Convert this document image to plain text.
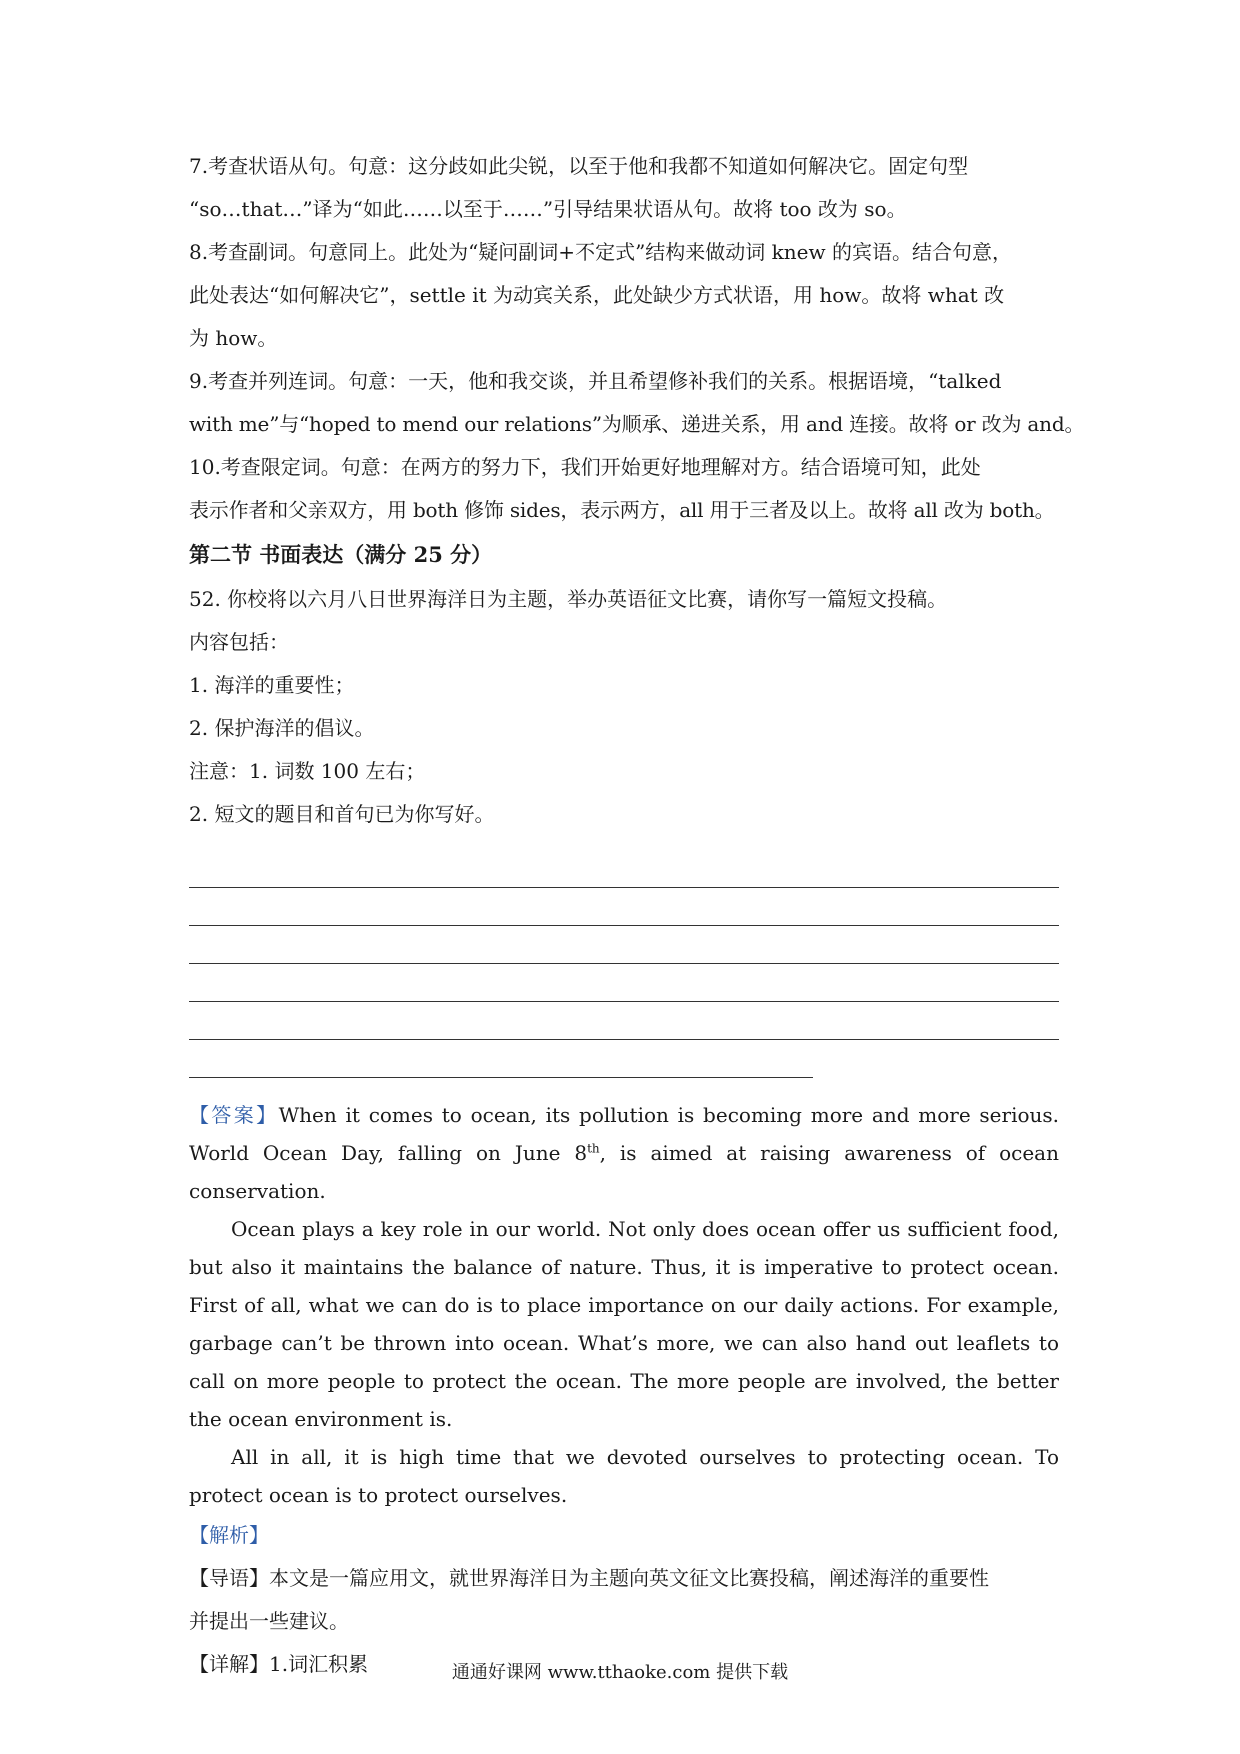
7.考查状语从句。句意：这分歧如此尖锐，以至于他和我都不知道如何解决它。固定句型
“so…that…”译为“如此……以至于……”引导结果状语从句。故将 too 改为 so。
8.考查副词。句意同上。此处为“疑问副词+不定式”结构来做动词 knew 的宾语。结合句意，
此处表达“如何解决它”，settle it 为动宾关系，此处缺少方式状语，用 how。故将 what 改
为 how。
9.考查并列连词。句意：一天，他和我交谈，并且希望修补我们的关系。根据语境，“talked
with me”与“hoped to mend our relations”为顺承、递进关系，用 and 连接。故将 or 改为 and。
10.考查限定词。句意：在两方的努力下，我们开始更好地理解对方。结合语境可知，此处
表示作者和父亲双方，用 both 修饰 sides，表示两方，all 用于三者及以上。故将 all 改为 both。
第二节 书面表达（满分 25 分）
52. 你校将以六月八日世界海洋日为主题，举办英语征文比赛，请你写一篇短文投稿。
内容包括：
1. 海洋的重要性；
2. 保护海洋的倡议。
注意：1. 词数 100 左右；
2. 短文的题目和首句已为你写好。

【答案】When it comes to ocean, its pollution is becoming more and more serious. World Ocean Day, falling on June 8th, is aimed at raising awareness of ocean conservation.

Ocean plays a key role in our world. Not only does ocean offer us sufficient food, but also it maintains the balance of nature. Thus, it is imperative to protect ocean. First of all, what we can do is to place importance on our daily actions. For example, garbage can’t be thrown into ocean. What’s more, we can also hand out leaflets to call on more people to protect the ocean. The more people are involved, the better the ocean environment is.

All in all, it is high time that we devoted ourselves to protecting ocean. To protect ocean is to protect ourselves.

【解析】
【导语】本文是一篇应用文，就世界海洋日为主题向英文征文比赛投稿，阐述海洋的重要性
并提出一些建议。
【详解】1.词汇积累	通通好课网 www.tthaoke.com 提供下载
